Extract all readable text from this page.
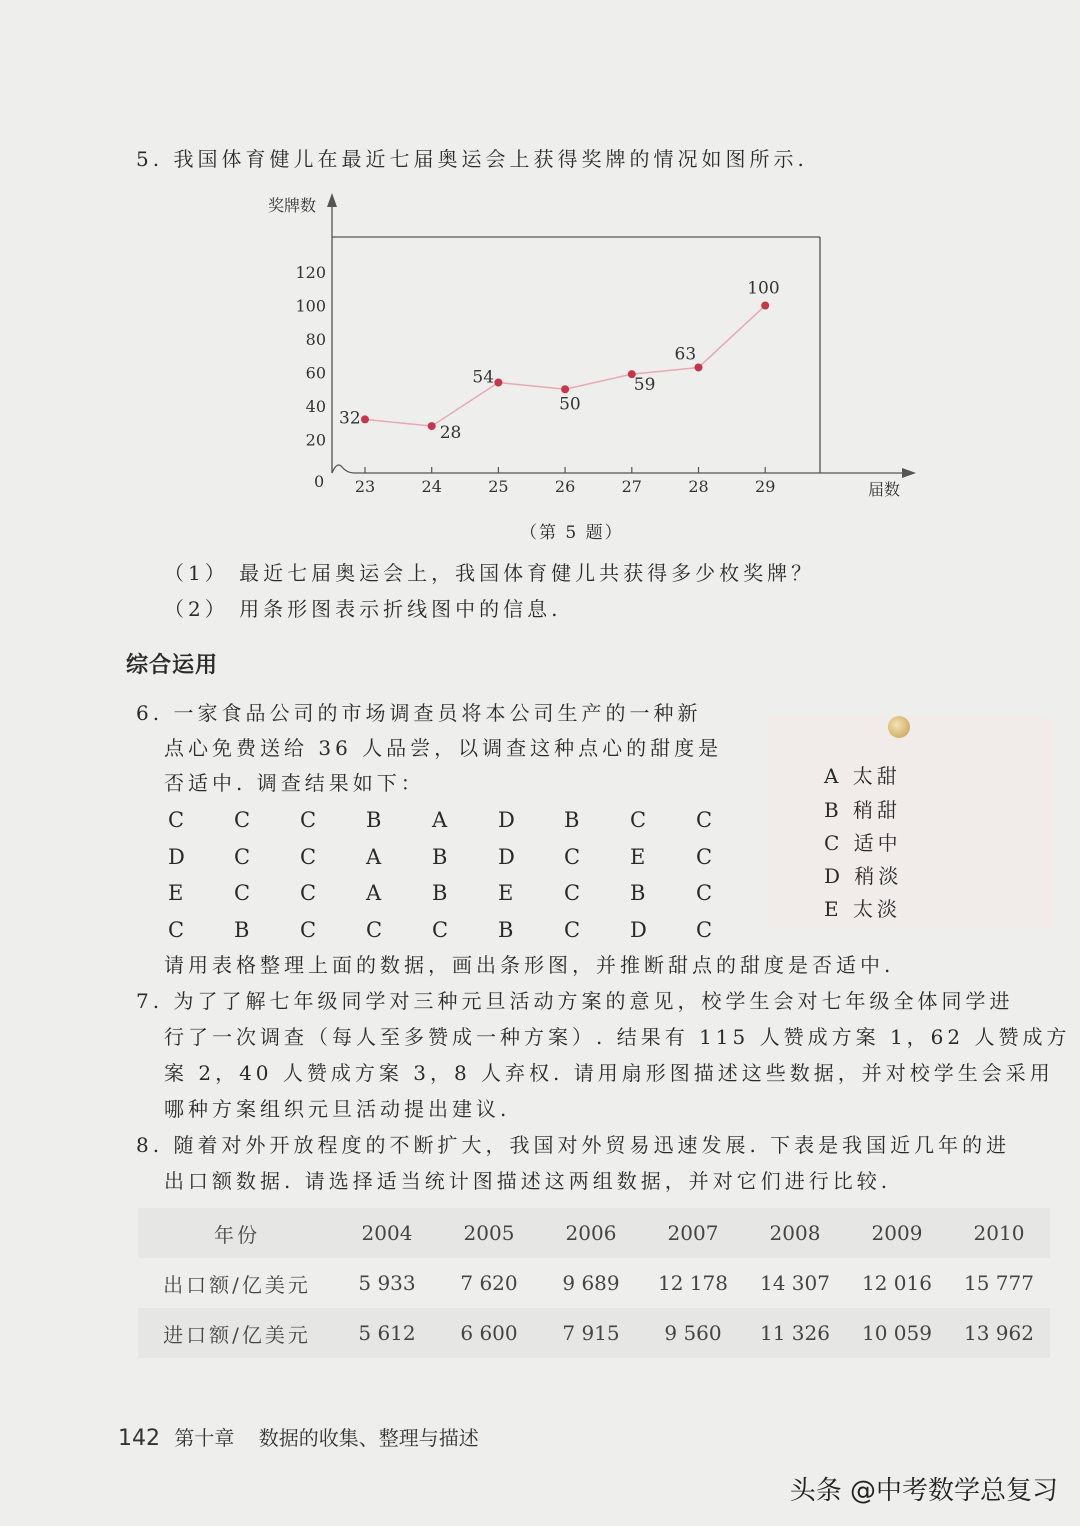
5. 我国体育健儿在最近七届奥运会上获得奖牌的情况如图所示.
奖牌数
届数
0
20
40
60
80
100
120
23	24	25	26	27	28	29
32
28
54
50
59
63
100
（第 5 题）
（1） 最近七届奥运会上，我国体育健儿共获得多少枚奖牌？
（2） 用条形图表示折线图中的信息.
综合运用
6. 一家食品公司的市场调查员将本公司生产的一种新
点心免费送给 36 人品尝，以调查这种点心的甜度是
否适中. 调查结果如下：
C	C	C	B	A	D	B	C	C
D	C	C	A	B	D	C	E	C
E	C	C	A	B	E	C	B	C
C	B	C	C	C	B	C	D	C
A 太甜
B 稍甜
C 适中
D 稍淡
E 太淡
请用表格整理上面的数据，画出条形图，并推断甜点的甜度是否适中.
7. 为了了解七年级同学对三种元旦活动方案的意见，校学生会对七年级全体同学进
行了一次调查（每人至多赞成一种方案）. 结果有 115 人赞成方案 1，62 人赞成方
案 2，40 人赞成方案 3，8 人弃权. 请用扇形图描述这些数据，并对校学生会采用
哪种方案组织元旦活动提出建议.
8. 随着对外开放程度的不断扩大，我国对外贸易迅速发展. 下表是我国近几年的进
出口额数据. 请选择适当统计图描述这两组数据，并对它们进行比较.
年份	2004	2005	2006	2007	2008	2009	2010
出口额/亿美元	5 933	7 620	9 689	12 178	14 307	12 016	15 777
进口额/亿美元	5 612	6 600	7 915	9 560	11 326	10 059	13 962
142 第十章 数据的收集、整理与描述
头条 @中考数学总复习
